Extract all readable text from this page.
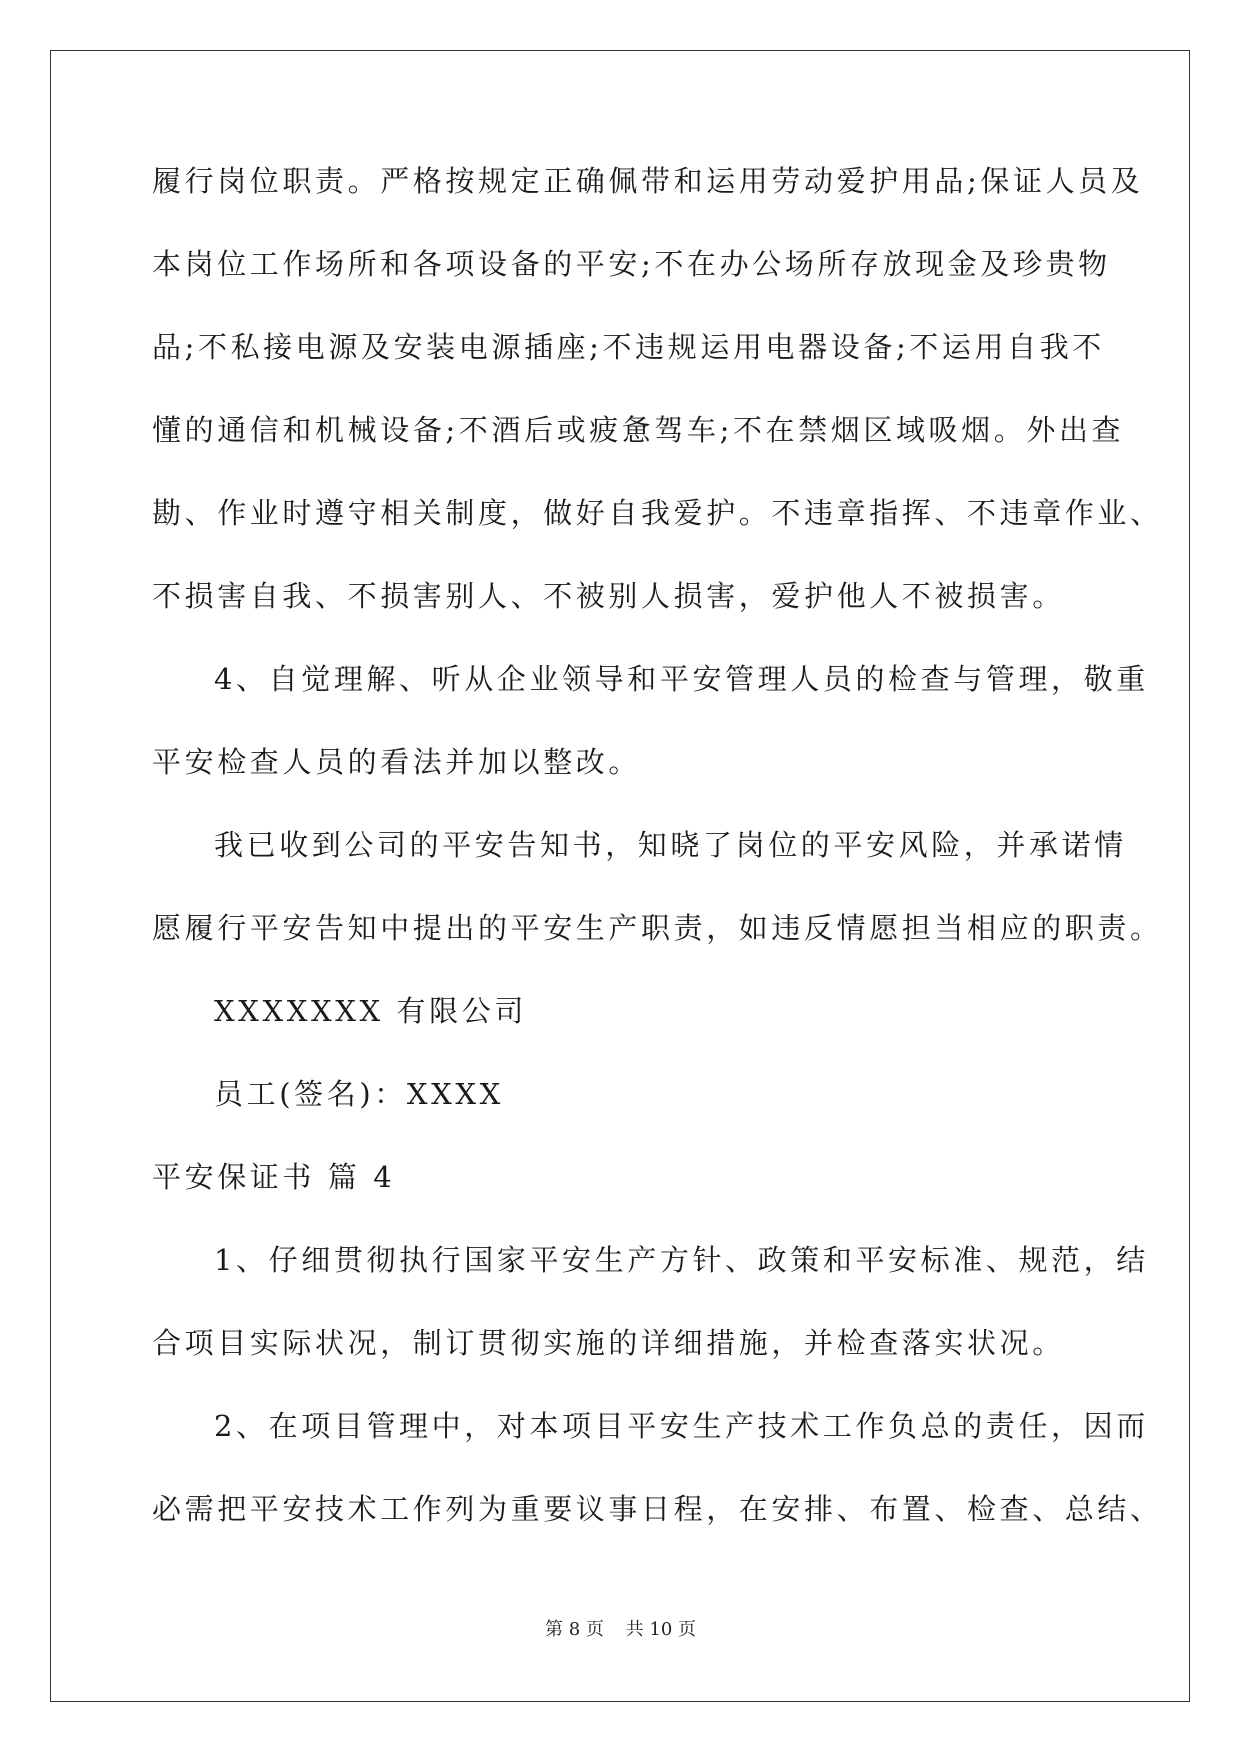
履行岗位职责。严格按规定正确佩带和运用劳动爱护用品;保证人员及
本岗位工作场所和各项设备的平安;不在办公场所存放现金及珍贵物
品;不私接电源及安装电源插座;不违规运用电器设备;不运用自我不
懂的通信和机械设备;不酒后或疲惫驾车;不在禁烟区域吸烟。外出查
勘、作业时遵守相关制度，做好自我爱护。不违章指挥、不违章作业、
不损害自我、不损害别人、不被别人损害，爱护他人不被损害。
4、自觉理解、听从企业领导和平安管理人员的检查与管理，敬重
平安检查人员的看法并加以整改。
我已收到公司的平安告知书，知晓了岗位的平安风险，并承诺情
愿履行平安告知中提出的平安生产职责，如违反情愿担当相应的职责。
XXXXXXX 有限公司
员工(签名)：XXXX
平安保证书 篇 4
1、仔细贯彻执行国家平安生产方针、政策和平安标准、规范，结
合项目实际状况，制订贯彻实施的详细措施，并检查落实状况。
2、在项目管理中，对本项目平安生产技术工作负总的责任，因而
必需把平安技术工作列为重要议事日程，在安排、布置、检查、总结、
第 8 页 共 10 页
